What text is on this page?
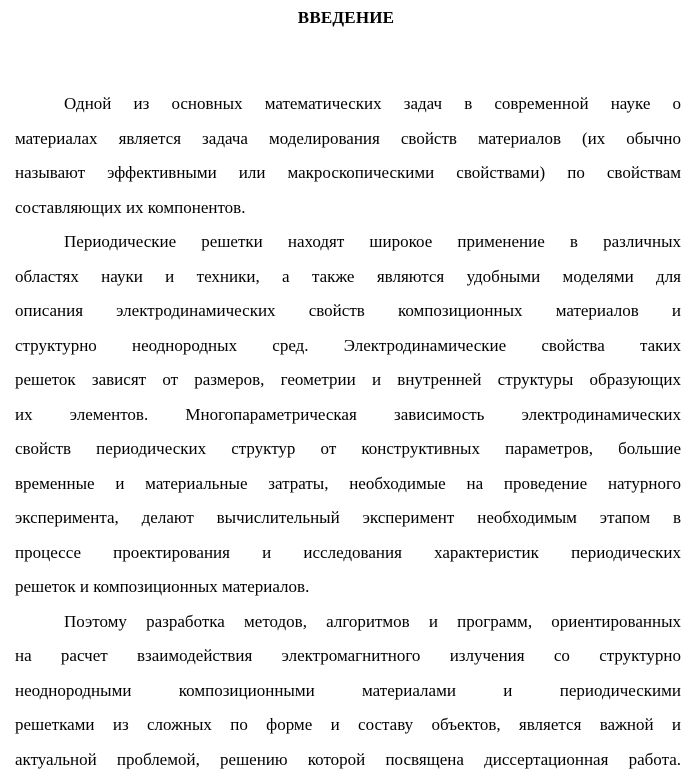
ВВЕДЕНИЕ
Одной из основных математических задач в современной науке о
материалах является задача моделирования свойств материалов (их обычно
называют эффективными или макроскопическими свойствами) по свойствам
составляющих их компонентов.
Периодические решетки находят широкое применение в различных
областях науки и техники, а также являются удобными моделями для
описания электродинамических свойств композиционных материалов и
структурно неоднородных сред. Электродинамические свойства таких
решеток зависят от размеров, геометрии и внутренней структуры образующих
их элементов. Многопараметрическая зависимость электродинамических
свойств периодических структур от конструктивных параметров, большие
временные и материальные затраты, необходимые на проведение натурного
эксперимента, делают вычислительный эксперимент необходимым этапом в
процессе проектирования и исследования характеристик периодических
решеток и композиционных материалов.
Поэтому разработка методов, алгоритмов и программ, ориентированных
на расчет взаимодействия электромагнитного излучения со структурно
неоднородными композиционными материалами и периодическими
решетками из сложных по форме и составу объектов, является важной и
актуальной проблемой, решению которой посвящена диссертационная работа.
